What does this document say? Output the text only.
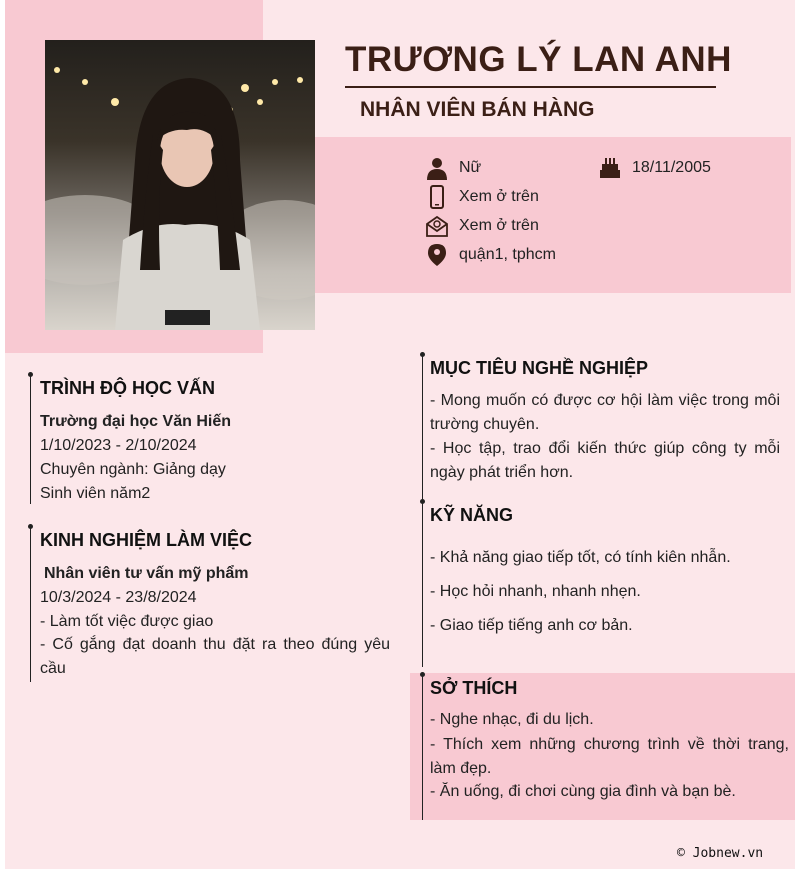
TRƯƠNG LÝ LAN ANH
NHÂN VIÊN BÁN HÀNG
Nữ	18/11/2005
Xem ở trên
Xem ở trên
quận1, tphcm
TRÌNH ĐỘ HỌC VẤN
Trường đại học Văn Hiến
1/10/2023 - 2/10/2024
Chuyên ngành: Giảng dạy
Sinh viên năm2
KINH NGHIỆM LÀM VIỆC
Nhân viên tư vấn mỹ phẩm
10/3/2024 - 23/8/2024
- Làm tốt việc được giao
- Cố gắng đạt doanh thu đặt ra theo đúng yêu cầu
MỤC TIÊU NGHỀ NGHIỆP
- Mong muốn có được cơ hội làm việc trong môi trường chuyên.
- Học tập, trao đổi kiến thức giúp công ty mỗi ngày phát triển hơn.
KỸ NĂNG
- Khả năng giao tiếp tốt, có tính kiên nhẫn.
- Học hỏi nhanh, nhanh nhẹn.
- Giao tiếp tiếng anh cơ bản.
SỞ THÍCH
- Nghe nhạc, đi du lịch.
- Thích xem những chương trình về thời trang, làm đẹp.
- Ăn uống, đi chơi cùng gia đình và bạn bè.
© Jobnew.vn
